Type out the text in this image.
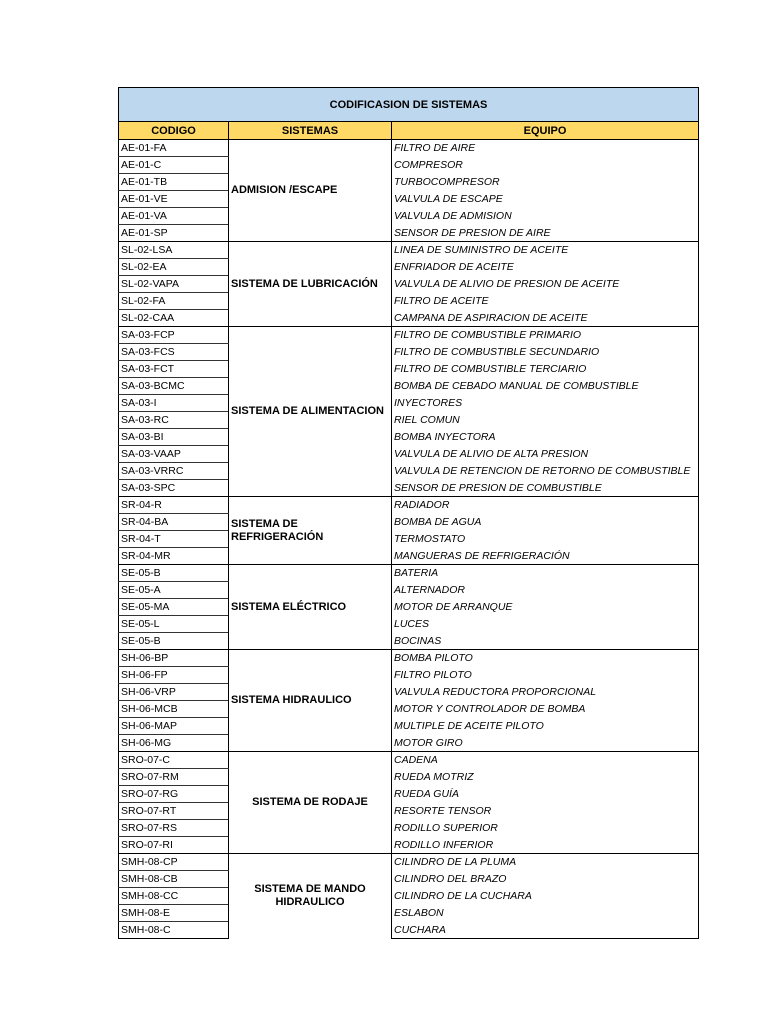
CODIFICASION DE SISTEMAS		
CODIGO	SISTEMAS	EQUIPO
AE-01-FA	ADMISION /ESCAPE	FILTRO DE AIRE
AE-01-C		COMPRESOR
AE-01-TB		TURBOCOMPRESOR
AE-01-VE		VALVULA DE ESCAPE
AE-01-VA		VALVULA DE ADMISION
AE-01-SP		SENSOR DE PRESION DE AIRE
SL-02-LSA	SISTEMA DE LUBRICACIÓN	LINEA DE SUMINISTRO DE ACEITE
SL-02-EA		ENFRIADOR DE ACEITE
SL-02-VAPA		VALVULA DE ALIVIO DE PRESION DE ACEITE
SL-02-FA		FILTRO DE ACEITE
SL-02-CAA		CAMPANA DE ASPIRACION DE ACEITE
SA-03-FCP	SISTEMA DE ALIMENTACION	FILTRO DE COMBUSTIBLE PRIMARIO
SA-03-FCS		FILTRO DE COMBUSTIBLE SECUNDARIO
SA-03-FCT		FILTRO DE COMBUSTIBLE TERCIARIO
SA-03-BCMC		BOMBA DE CEBADO MANUAL DE COMBUSTIBLE
SA-03-I		INYECTORES
SA-03-RC		RIEL COMUN
SA-03-BI		BOMBA INYECTORA
SA-03-VAAP		VALVULA DE ALIVIO DE ALTA PRESION
SA-03-VRRC		VALVULA DE RETENCION DE RETORNO DE COMBUSTIBLE
SA-03-SPC		SENSOR DE PRESION DE COMBUSTIBLE
SR-04-R	SISTEMA DE REFRIGERACIÓN	RADIADOR
SR-04-BA		BOMBA DE AGUA
SR-04-T		TERMOSTATO
SR-04-MR		MANGUERAS DE REFRIGERACIÓN
SE-05-B	SISTEMA ELÉCTRICO	BATERIA
SE-05-A		ALTERNADOR
SE-05-MA		MOTOR DE ARRANQUE
SE-05-L		LUCES
SE-05-B		BOCINAS
SH-06-BP	SISTEMA HIDRAULICO	BOMBA PILOTO
SH-06-FP		FILTRO PILOTO
SH-06-VRP		VALVULA REDUCTORA PROPORCIONAL
SH-06-MCB		MOTOR Y CONTROLADOR DE BOMBA
SH-06-MAP		MULTIPLE DE ACEITE PILOTO
SH-06-MG		MOTOR GIRO
SRO-07-C	SISTEMA DE RODAJE	CADENA
SRO-07-RM		RUEDA MOTRIZ
SRO-07-RG		RUEDA GUÍA
SRO-07-RT		RESORTE TENSOR
SRO-07-RS		RODILLO SUPERIOR
SRO-07-RI		RODILLO INFERIOR
SMH-08-CP	SISTEMA DE MANDO HIDRAULICO	CILINDRO DE LA PLUMA
SMH-08-CB		CILINDRO DEL BRAZO
SMH-08-CC		CILINDRO DE LA CUCHARA
SMH-08-E		ESLABON
SMH-08-C		CUCHARA
